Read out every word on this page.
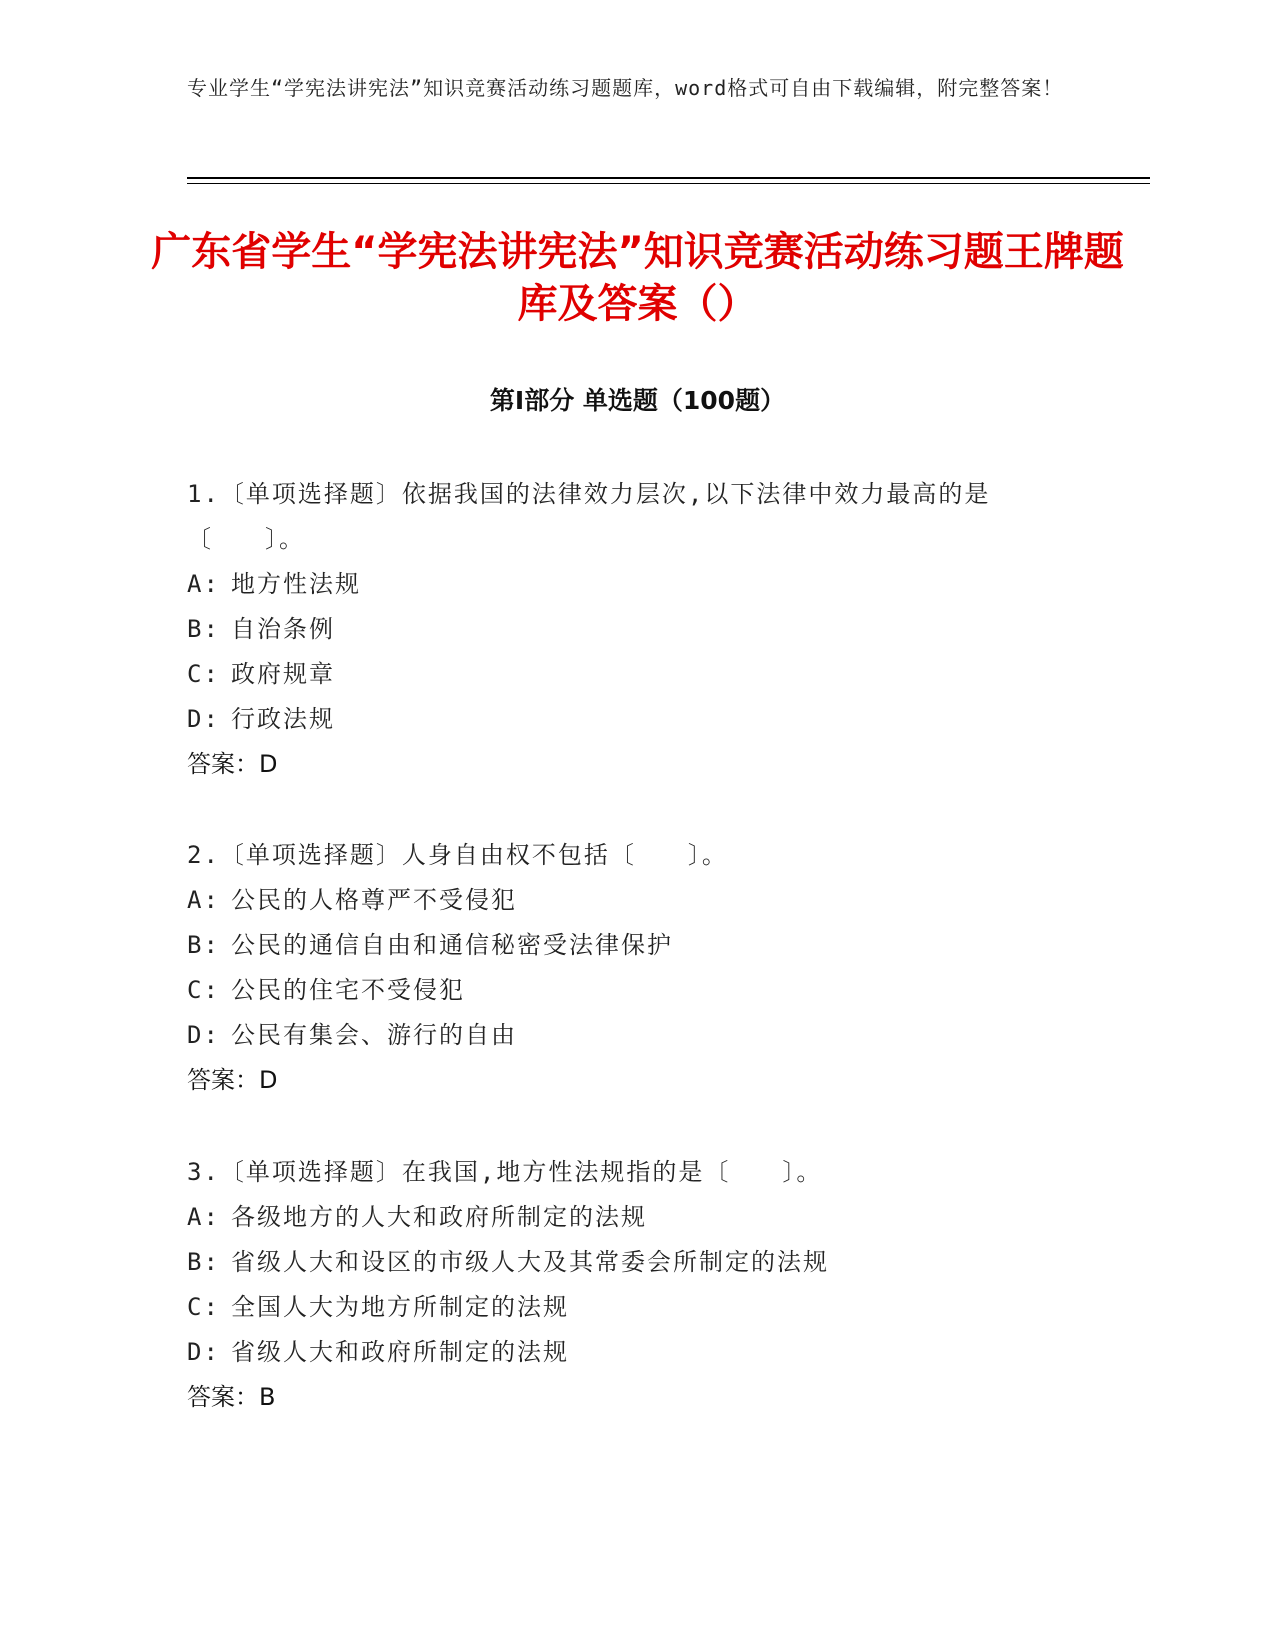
专业学生“学宪法讲宪法”知识竞赛活动练习题题库，word格式可自由下载编辑，附完整答案！
广东省学生“学宪法讲宪法”知识竞赛活动练习题王牌题库及答案（）
第Ⅰ部分 单选题（100题）
1.〔单项选择题〕依据我国的法律效力层次,以下法律中效力最高的是〔　　〕。
A: 地方性法规
B: 自治条例
C: 政府规章
D: 行政法规
答案：D
2.〔单项选择题〕人身自由权不包括〔　　〕。
A: 公民的人格尊严不受侵犯
B: 公民的通信自由和通信秘密受法律保护
C: 公民的住宅不受侵犯
D: 公民有集会、游行的自由
答案：D
3.〔单项选择题〕在我国,地方性法规指的是〔　　〕。
A: 各级地方的人大和政府所制定的法规
B: 省级人大和设区的市级人大及其常委会所制定的法规
C: 全国人大为地方所制定的法规
D: 省级人大和政府所制定的法规
答案：B
